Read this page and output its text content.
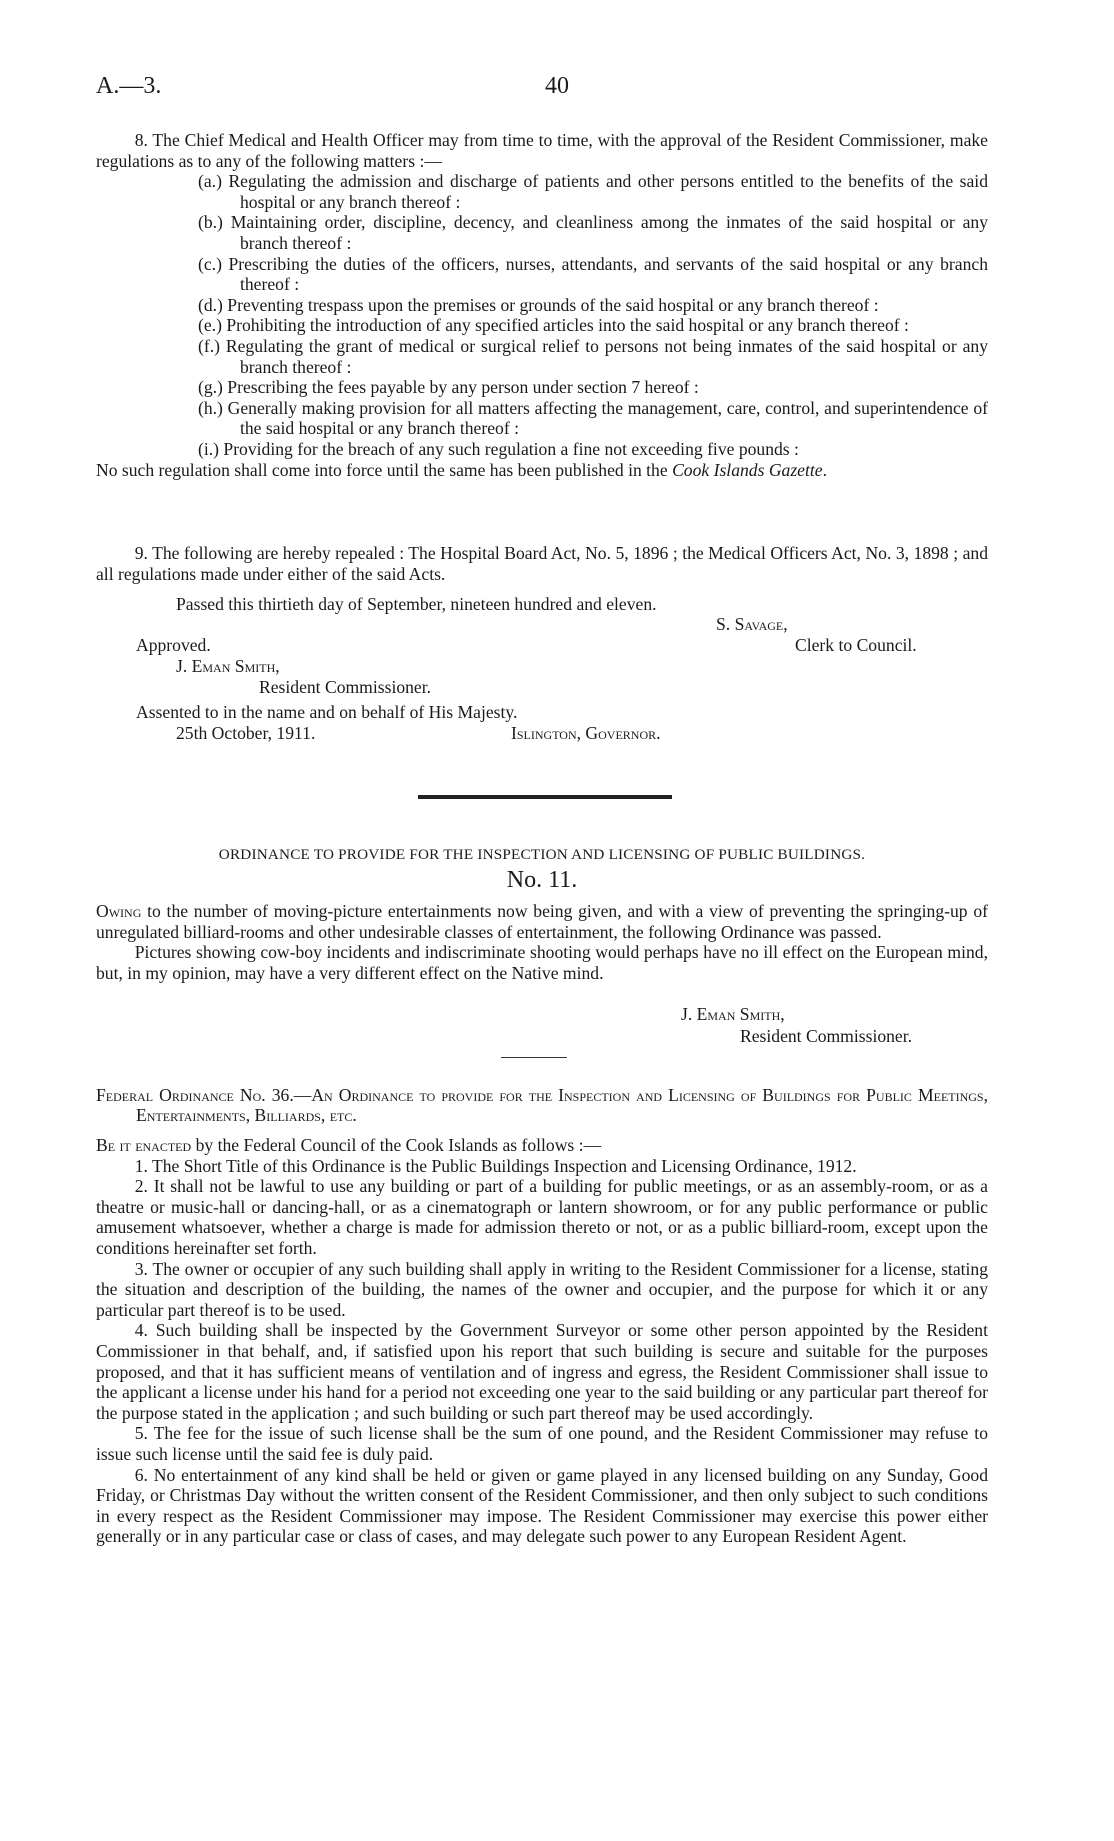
A.—3.	40

8. The Chief Medical and Health Officer may from time to time, with the approval of the Resident Commissioner, make regulations as to any of the following matters :—

(a.) Regulating the admission and discharge of patients and other persons entitled to the benefits of the said hospital or any branch thereof :

(b.) Maintaining order, discipline, decency, and cleanliness among the inmates of the said hospital or any branch thereof :

(c.) Prescribing the duties of the officers, nurses, attendants, and servants of the said hospital or any branch thereof :

(d.) Preventing trespass upon the premises or grounds of the said hospital or any branch thereof :

(e.) Prohibiting the introduction of any specified articles into the said hospital or any branch thereof :

(f.) Regulating the grant of medical or surgical relief to persons not being inmates of the said hospital or any branch thereof :

(g.) Prescribing the fees payable by any person under section 7 hereof :

(h.) Generally making provision for all matters affecting the management, care, control, and superintendence of the said hospital or any branch thereof :

(i.) Providing for the breach of any such regulation a fine not exceeding five pounds :

No such regulation shall come into force until the same has been published in the Cook Islands Gazette.

9. The following are hereby repealed : The Hospital Board Act, No. 5, 1896 ; the Medical Officers Act, No. 3, 1898 ; and all regulations made under either of the said Acts.

Passed this thirtieth day of September, nineteen hundred and eleven.
S. Savage,
Clerk to Council.
Approved.
J. Eman Smith,
Resident Commissioner.
Assented to in the name and on behalf of His Majesty.
25th October, 1911.	Islington, Governor.
ORDINANCE TO PROVIDE FOR THE INSPECTION AND LICENSING OF PUBLIC BUILDINGS.
No. 11.

Owing to the number of moving-picture entertainments now being given, and with a view of preventing the springing-up of unregulated billiard-rooms and other undesirable classes of entertainment, the following Ordinance was passed.

Pictures showing cow-boy incidents and indiscriminate shooting would perhaps have no ill effect on the European mind, but, in my opinion, may have a very different effect on the Native mind.

J. Eman Smith,
Resident Commissioner.
Federal Ordinance No. 36.—An Ordinance to provide for the Inspection and Licensing of Buildings for Public Meetings, Entertainments, Billiards, etc.

Be it enacted by the Federal Council of the Cook Islands as follows :—

1. The Short Title of this Ordinance is the Public Buildings Inspection and Licensing Ordinance, 1912.

2. It shall not be lawful to use any building or part of a building for public meetings, or as an assembly-room, or as a theatre or music-hall or dancing-hall, or as a cinematograph or lantern showroom, or for any public performance or public amusement whatsoever, whether a charge is made for admission thereto or not, or as a public billiard-room, except upon the conditions hereinafter set forth.

3. The owner or occupier of any such building shall apply in writing to the Resident Commissioner for a license, stating the situation and description of the building, the names of the owner and occupier, and the purpose for which it or any particular part thereof is to be used.

4. Such building shall be inspected by the Government Surveyor or some other person appointed by the Resident Commissioner in that behalf, and, if satisfied upon his report that such building is secure and suitable for the purposes proposed, and that it has sufficient means of ventilation and of ingress and egress, the Resident Commissioner shall issue to the applicant a license under his hand for a period not exceeding one year to the said building or any particular part thereof for the purpose stated in the application ; and such building or such part thereof may be used accordingly.

5. The fee for the issue of such license shall be the sum of one pound, and the Resident Commissioner may refuse to issue such license until the said fee is duly paid.

6. No entertainment of any kind shall be held or given or game played in any licensed building on any Sunday, Good Friday, or Christmas Day without the written consent of the Resident Commissioner, and then only subject to such conditions in every respect as the Resident Commissioner may impose. The Resident Commissioner may exercise this power either generally or in any particular case or class of cases, and may delegate such power to any European Resident Agent.
